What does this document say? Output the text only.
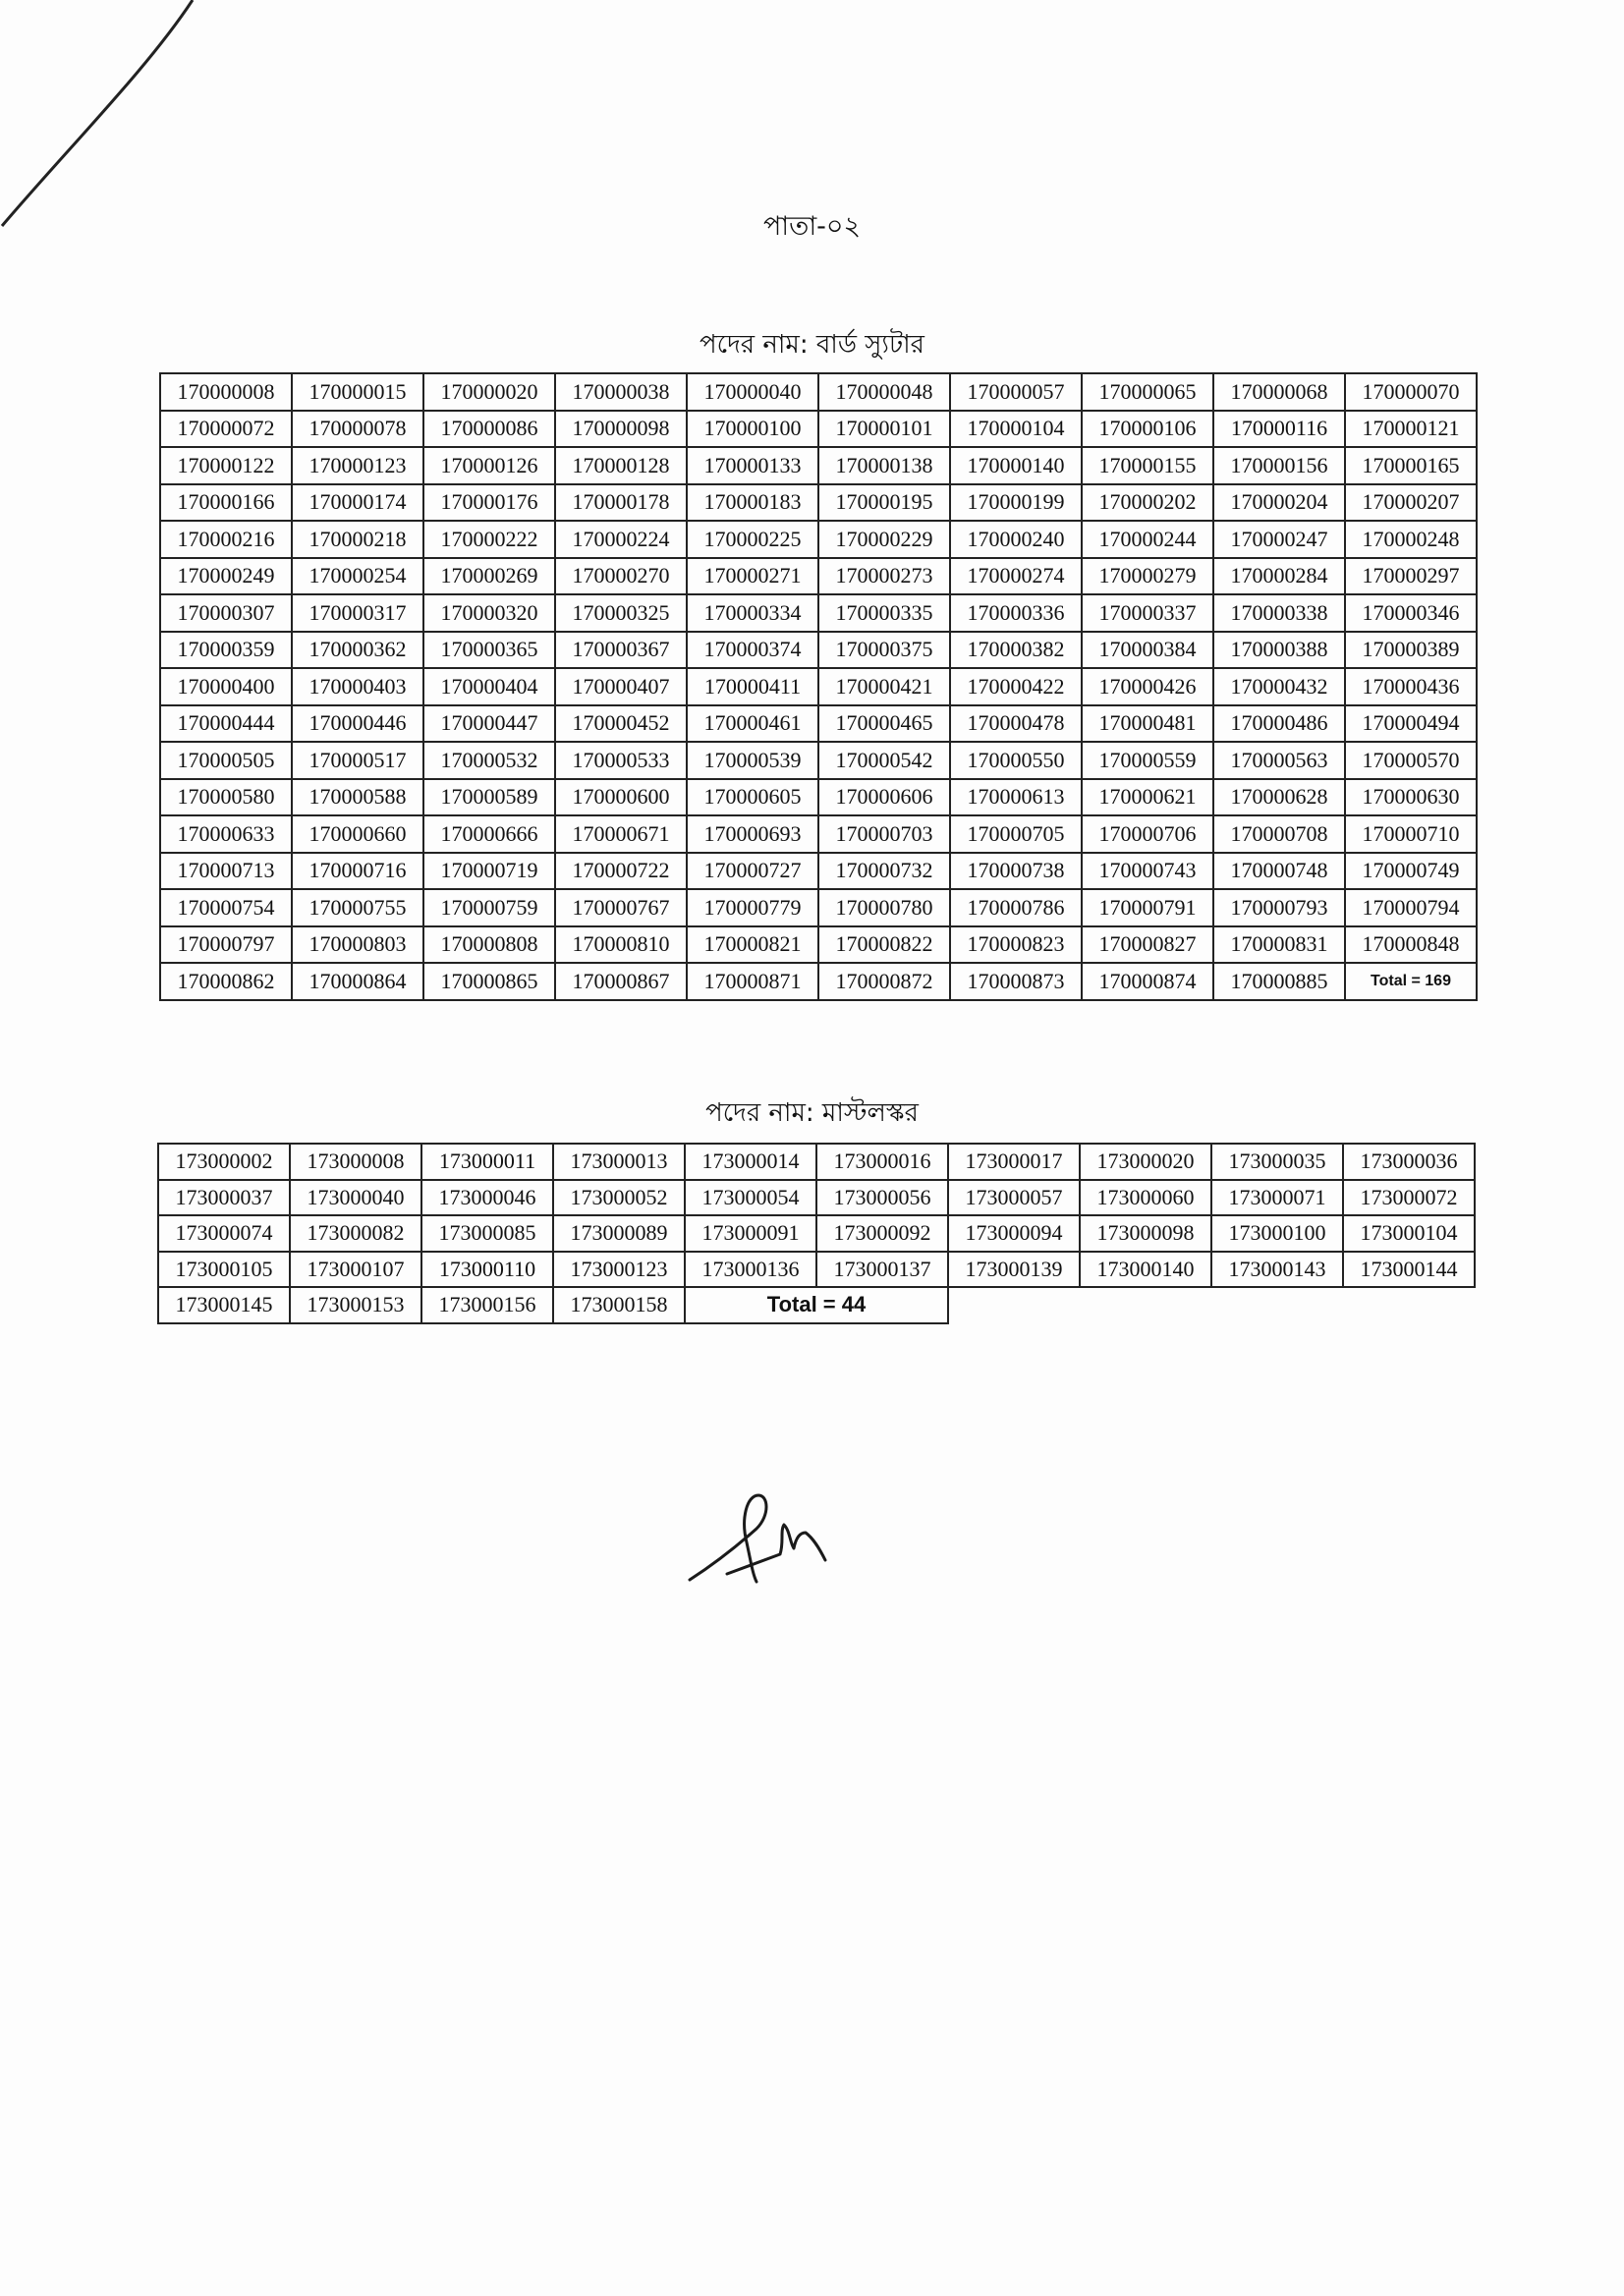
পাতা-০২
পদের নাম: বার্ড স্যুটার
170000008	170000015	170000020	170000038	170000040	170000048	170000057	170000065	170000068	170000070
170000072	170000078	170000086	170000098	170000100	170000101	170000104	170000106	170000116	170000121
170000122	170000123	170000126	170000128	170000133	170000138	170000140	170000155	170000156	170000165
170000166	170000174	170000176	170000178	170000183	170000195	170000199	170000202	170000204	170000207
170000216	170000218	170000222	170000224	170000225	170000229	170000240	170000244	170000247	170000248
170000249	170000254	170000269	170000270	170000271	170000273	170000274	170000279	170000284	170000297
170000307	170000317	170000320	170000325	170000334	170000335	170000336	170000337	170000338	170000346
170000359	170000362	170000365	170000367	170000374	170000375	170000382	170000384	170000388	170000389
170000400	170000403	170000404	170000407	170000411	170000421	170000422	170000426	170000432	170000436
170000444	170000446	170000447	170000452	170000461	170000465	170000478	170000481	170000486	170000494
170000505	170000517	170000532	170000533	170000539	170000542	170000550	170000559	170000563	170000570
170000580	170000588	170000589	170000600	170000605	170000606	170000613	170000621	170000628	170000630
170000633	170000660	170000666	170000671	170000693	170000703	170000705	170000706	170000708	170000710
170000713	170000716	170000719	170000722	170000727	170000732	170000738	170000743	170000748	170000749
170000754	170000755	170000759	170000767	170000779	170000780	170000786	170000791	170000793	170000794
170000797	170000803	170000808	170000810	170000821	170000822	170000823	170000827	170000831	170000848
170000862	170000864	170000865	170000867	170000871	170000872	170000873	170000874	170000885	Total = 169
পদের নাম: মাস্টলস্কর
173000002	173000008	173000011	173000013	173000014	173000016	173000017	173000020	173000035	173000036
173000037	173000040	173000046	173000052	173000054	173000056	173000057	173000060	173000071	173000072
173000074	173000082	173000085	173000089	173000091	173000092	173000094	173000098	173000100	173000104
173000105	173000107	173000110	173000123	173000136	173000137	173000139	173000140	173000143	173000144
173000145	173000153	173000156	173000158	Total = 44					
